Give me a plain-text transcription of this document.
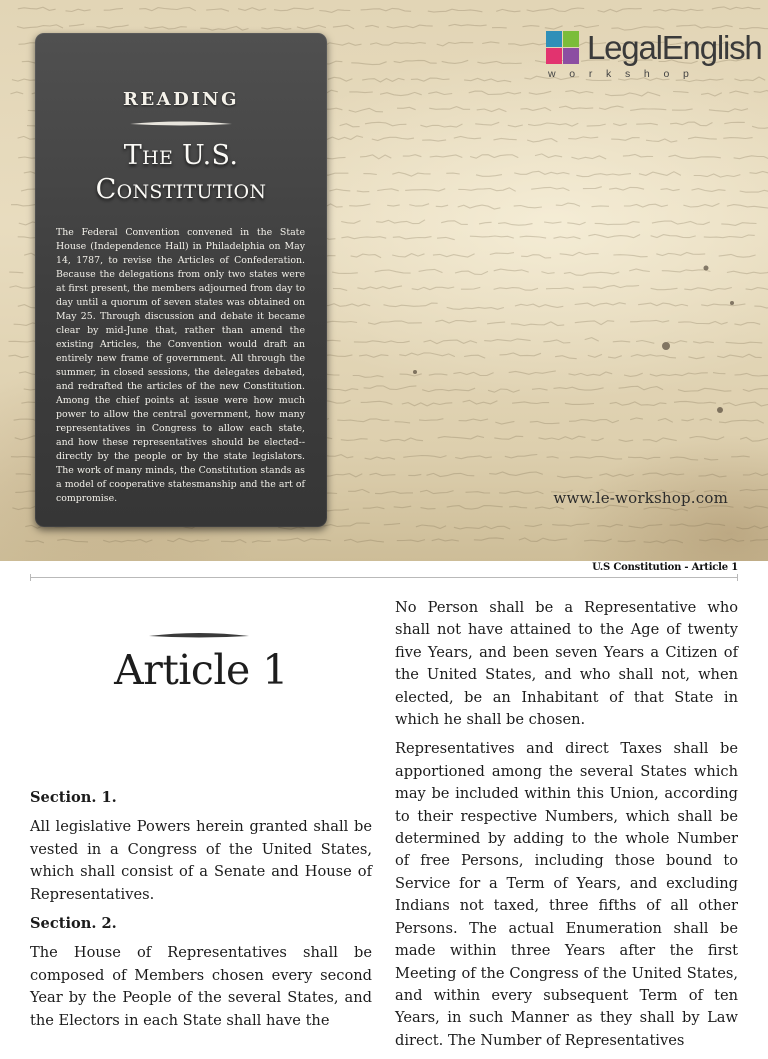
READING
The U.S.
Constitution

The Federal Convention convened in the State House (Independence Hall) in Philadelphia on May 14, 1787, to revise the Articles of Confederation. Because the delegations from only two states were at first present, the members adjourned from day to day until a quorum of seven states was obtained on May 25. Through discussion and debate it became clear by mid-June that, rather than amend the existing Articles, the Convention would draft an entirely new frame of government. All through the summer, in closed sessions, the delegates debated, and redrafted the articles of the new Constitution. Among the chief points at issue were how much power to allow the central government, how many representatives in Congress to allow each state, and how these representatives should be elected--directly by the people or by the state legislators. The work of many minds, the Constitution stands as a model of cooperative statesmanship and the art of compromise.

LegalEnglish
workshop
www.le-workshop.com
U.S Constitution - Article 1
Article 1
Section. 1.

All legislative Powers herein granted shall be vested in a Congress of the United States, which shall consist of a Senate and House of Representatives.

Section. 2.

The House of Representatives shall be composed of Members chosen every second Year by the People of the several States, and the Electors in each State shall have the

No Person shall be a Representative who shall not have attained to the Age of twenty five Years, and been seven Years a Citizen of the United States, and who shall not, when elected, be an Inhabitant of that State in which he shall be chosen.

Representatives and direct Taxes shall be apportioned among the several States which may be included within this Union, according to their respective Numbers, which shall be determined by adding to the whole Number of free Persons, including those bound to Service for a Term of Years, and excluding Indians not taxed, three fifths of all other Persons. The actual Enumeration shall be made within three Years after the first Meeting of the Congress of the United States, and within every subsequent Term of ten Years, in such Manner as they shall by Law direct. The Number of Representatives
